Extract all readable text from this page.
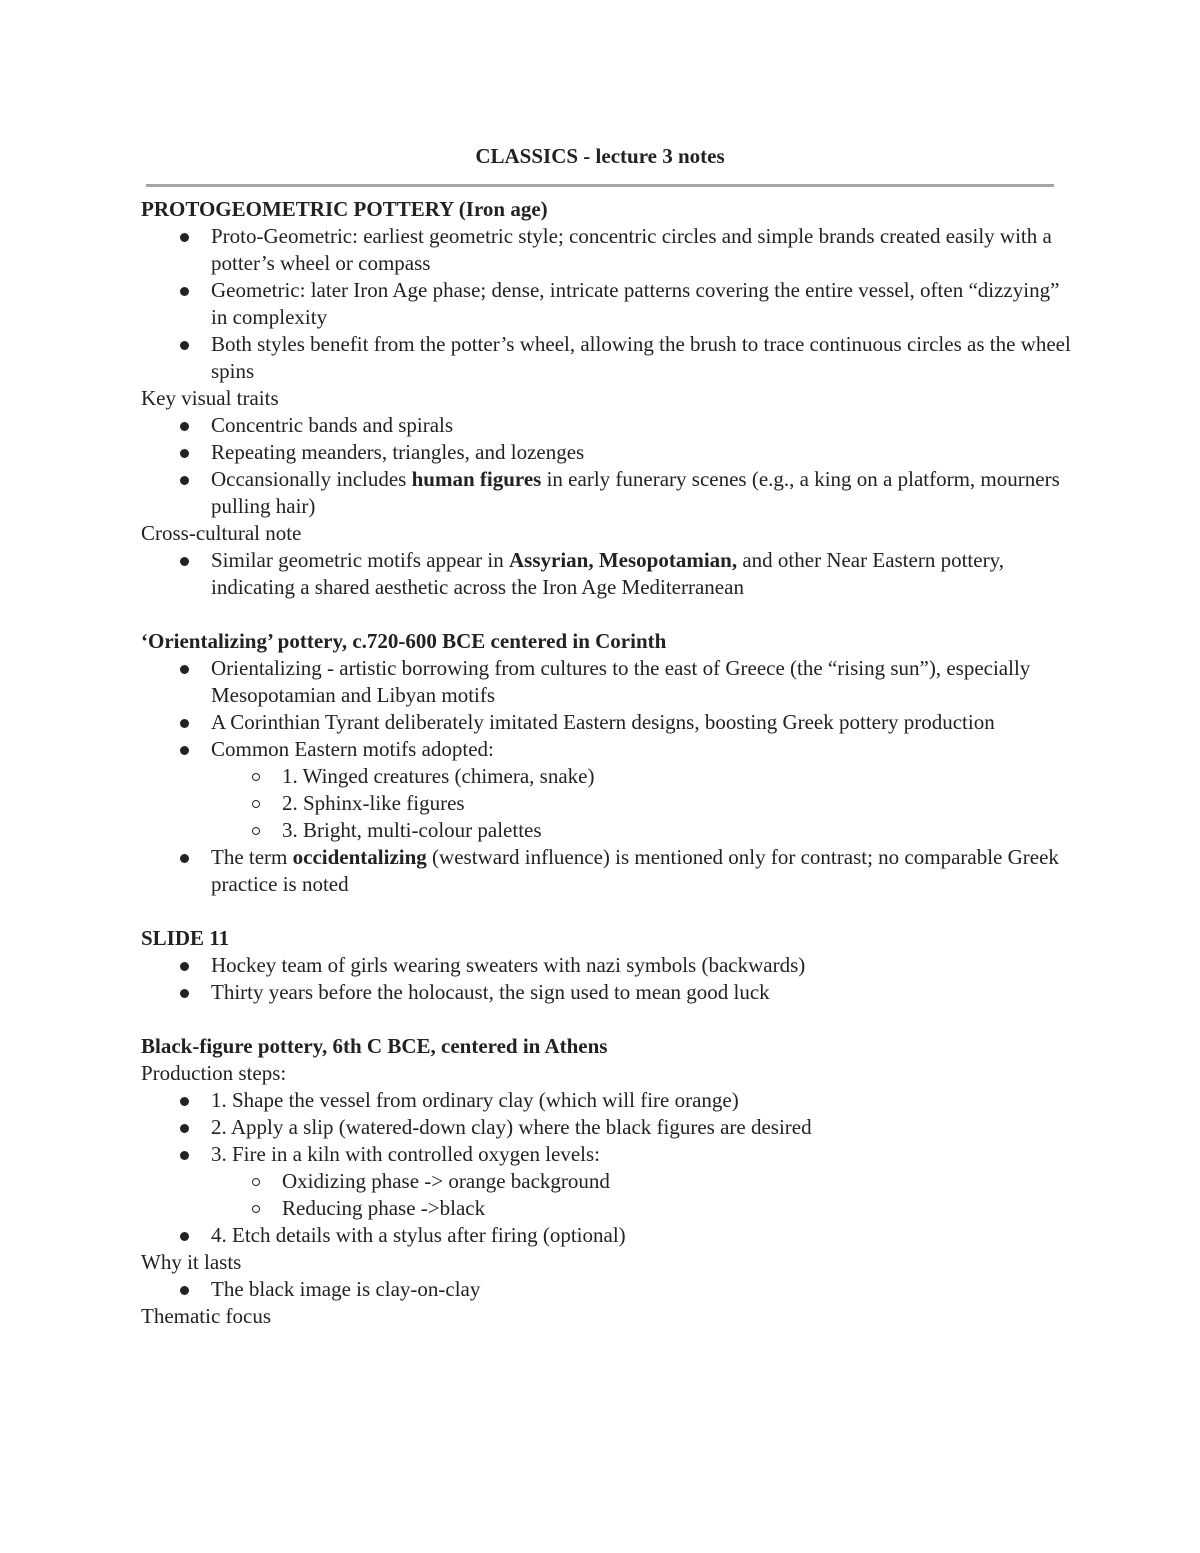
CLASSICS - lecture 3 notes
PROTOGEOMETRIC POTTERY (Iron age)
Proto-Geometric: earliest geometric style; concentric circles and simple brands created easily with a potter’s wheel or compass
Geometric: later Iron Age phase; dense, intricate patterns covering the entire vessel, often “dizzying” in complexity
Both styles benefit from the potter’s wheel, allowing the brush to trace continuous circles as the wheel spins
Key visual traits
Concentric bands and spirals
Repeating meanders, triangles, and lozenges
Occansionally includes human figures in early funerary scenes (e.g., a king on a platform, mourners pulling hair)
Cross-cultural note
Similar geometric motifs appear in Assyrian, Mesopotamian, and other Near Eastern pottery, indicating a shared aesthetic across the Iron Age Mediterranean
‘Orientalizing’ pottery, c.720-600 BCE centered in Corinth
Orientalizing - artistic borrowing from cultures to the east of Greece (the “rising sun”), especially Mesopotamian and Libyan motifs
A Corinthian Tyrant deliberately imitated Eastern designs, boosting Greek pottery production
Common Eastern motifs adopted:
1. Winged creatures (chimera, snake)
2. Sphinx-like figures
3. Bright, multi-colour palettes
The term occidentalizing (westward influence) is mentioned only for contrast; no comparable Greek practice is noted
SLIDE 11
Hockey team of girls wearing sweaters with nazi symbols (backwards)
Thirty years before the holocaust, the sign used to mean good luck
Black-figure pottery, 6th C BCE, centered in Athens
Production steps:
1. Shape the vessel from ordinary clay (which will fire orange)
2. Apply a slip (watered-down clay) where the black figures are desired
3. Fire in a kiln with controlled oxygen levels:
Oxidizing phase -> orange background
Reducing phase ->black
4. Etch details with a stylus after firing (optional)
Why it lasts
The black image is clay-on-clay
Thematic focus
